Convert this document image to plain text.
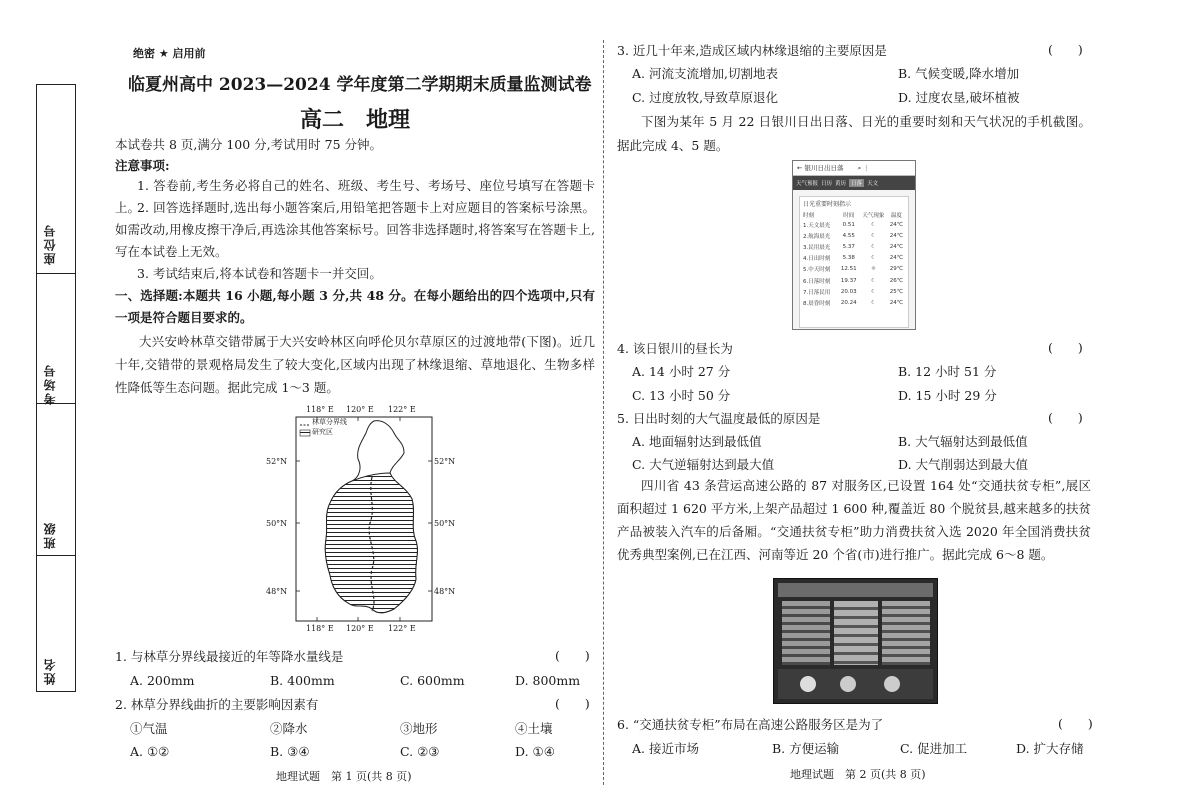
座位号
考场号
班级
姓名
绝密 ★ 启用前
临夏州高中 2023—2024 学年度第二学期期末质量监测试卷
高二　地理
本试卷共 8 页,满分 100 分,考试用时 75 分钟。
注意事项:
1. 答卷前,考生务必将自己的姓名、班级、考生号、考场号、座位号填写在答题卡上。
2. 回答选择题时,选出每小题答案后,用铅笔把答题卡上对应题目的答案标号涂黑。如需改动,用橡皮擦干净后,再选涂其他答案标号。回答非选择题时,将答案写在答题卡上,写在本试卷上无效。
3. 考试结束后,将本试卷和答题卡一并交回。
一、选择题:本题共 16 小题,每小题 3 分,共 48 分。在每小题给出的四个选项中,只有一项是符合题目要求的。
大兴安岭林草交错带属于大兴安岭林区向呼伦贝尔草原区的过渡地带(下图)。近几十年,交错带的景观格局发生了较大变化,区域内出现了林缘退缩、草地退化、生物多样性降低等生态问题。据此完成 1～3 题。
林草分界线
研究区
118° E 120° E 122° E
118° E 120° E 122° E
52°N
50°N
48°N
52°N
50°N
48°N
1. 与林草分界线最接近的年等降水量线是	(　　)
A. 200mm	B. 400mm	C. 600mm	D. 800mm
2. 林草分界线曲折的主要影响因素有	(　　)
①气温	②降水	③地形	④土壤
A. ①②	B. ③④	C. ②③	D. ①④
地理试题　第 1 页(共 8 页)
3. 近几十年来,造成区域内林缘退缩的主要原因是	(　　)
A. 河流支流增加,切割地表	B. 气候变暖,降水增加
C. 过度放牧,导致草原退化	D. 过度农垦,破坏植被
下图为某年 5 月 22 日银川日出日落、日光的重要时刻和天气状况的手机截图。据此完成 4、5 题。
← 银川日出日落 ⌕ ⋮
天气预报 日历 黄历 日落 天文
日光重要时刻指示
时刻	时间	天气现象	温度
1.天文晨光	0.51	☾	24℃
2.航海晨光	4.55	☾	24℃
3.民用晨光	5.37	☾	24℃
4.日出时刻	5.38	☾	24℃
5.中天时刻	12.51	☼	29℃
6.日落时刻	19.37	☾	26℃
7.日落民用	20.03	☾	25℃
8.晨昏时刻	20.24	☾	24℃
4. 该日银川的昼长为	(　　)
A. 14 小时 27 分	B. 12 小时 51 分
C. 13 小时 50 分	D. 15 小时 29 分
5. 日出时刻的大气温度最低的原因是	(　　)
A. 地面辐射达到最低值	B. 大气辐射达到最低值
C. 大气逆辐射达到最大值	D. 大气削弱达到最大值
四川省 43 条营运高速公路的 87 对服务区,已设置 164 处“交通扶贫专柜”,展区面积超过 1 620 平方米,上架产品超过 1 600 种,覆盖近 80 个脱贫县,越来越多的扶贫产品被装入汽车的后备厢。“交通扶贫专柜”助力消费扶贫入选 2020 年全国消费扶贫优秀典型案例,已在江西、河南等近 20 个省(市)进行推广。据此完成 6～8 题。
6. “交通扶贫专柜”布局在高速公路服务区是为了	(　　)
A. 接近市场	B. 方便运输	C. 促进加工	D. 扩大存储
地理试题　第 2 页(共 8 页)
